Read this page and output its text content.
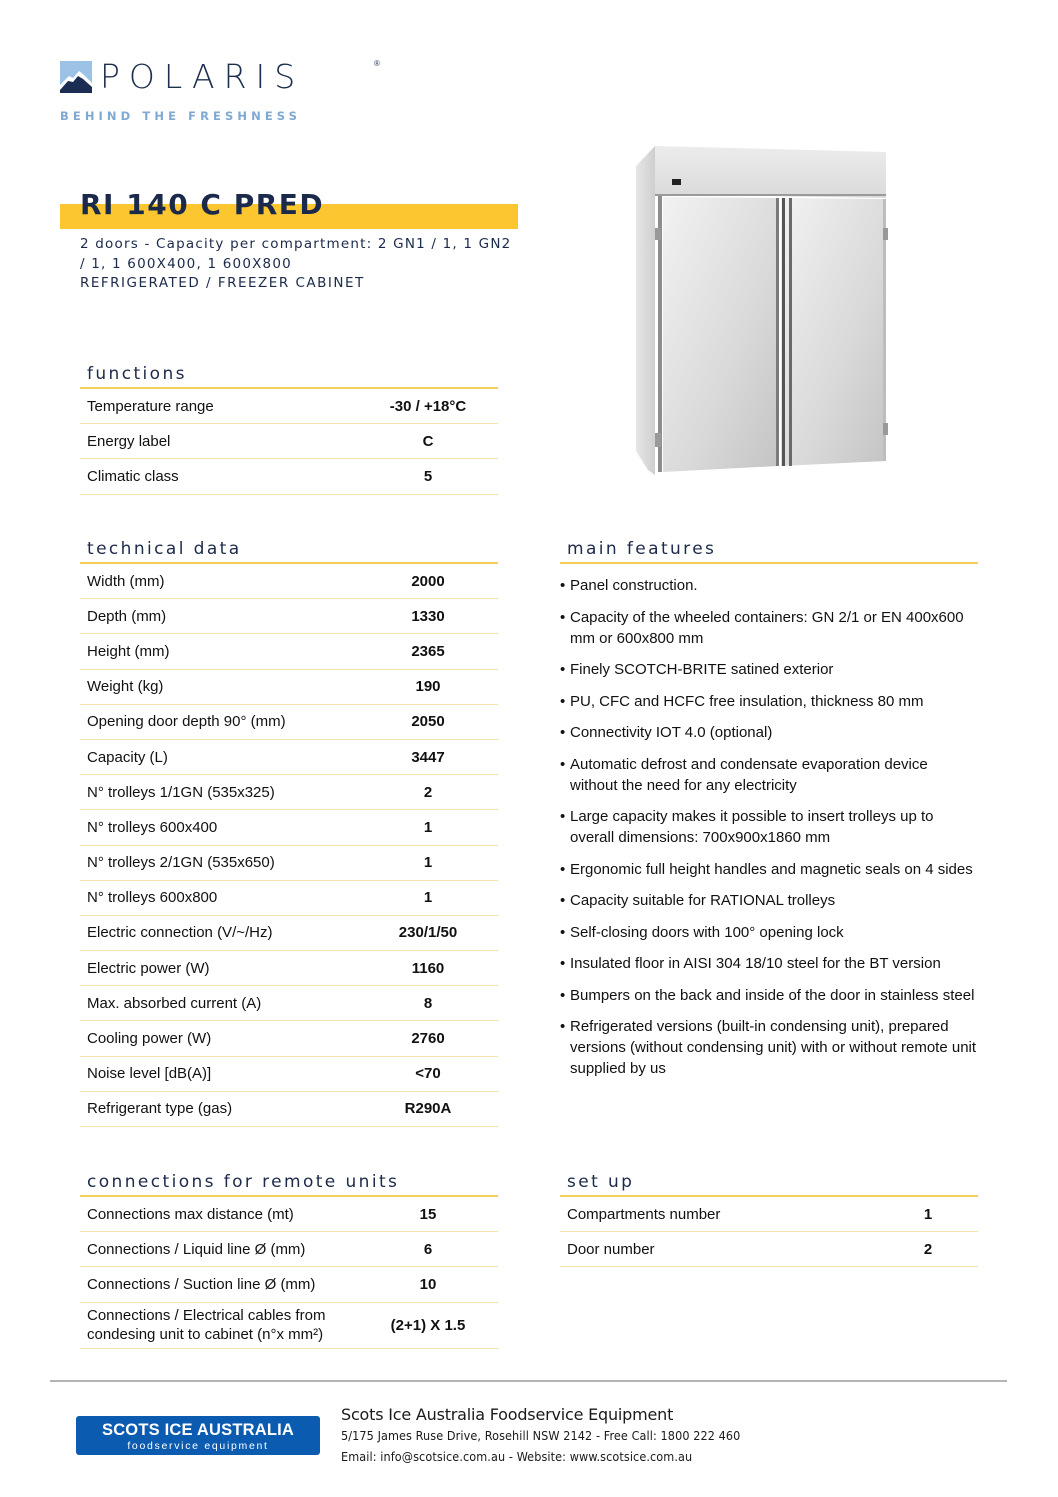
POLARIS	®
BEHIND THE FRESHNESS
RI 140 C PRED
2 doors - Capacity per compartment: 2 GN1 / 1, 1 GN2
/ 1, 1 600X400, 1 600X800
REFRIGERATED / FREEZER CABINET
functions
Temperature range	-30 / +18°C
Energy label	C
Climatic class	5
technical data
Width (mm)	2000
Depth (mm)	1330
Height (mm)	2365
Weight (kg)	190
Opening door depth 90° (mm)	2050
Capacity (L)	3447
N° trolleys 1/1GN (535x325)	2
N° trolleys 600x400	1
N° trolleys 2/1GN (535x650)	1
N° trolleys 600x800	1
Electric connection (V/~/Hz)	230/1/50
Electric power (W)	1160
Max. absorbed current (A)	8
Cooling power (W)	2760
Noise level [dB(A)]	<70
Refrigerant type (gas)	R290A
main features
• Panel construction.
• Capacity of the wheeled containers: GN 2/1 or EN 400x600 mm or 600x800 mm
• Finely SCOTCH-BRITE satined exterior
• PU, CFC and HCFC free insulation, thickness 80 mm
• Connectivity IOT 4.0 (optional)
• Automatic defrost and condensate evaporation device without the need for any electricity
• Large capacity makes it possible to insert trolleys up to overall dimensions: 700x900x1860 mm
• Ergonomic full height handles and magnetic seals on 4 sides
• Capacity suitable for RATIONAL trolleys
• Self-closing doors with 100° opening lock
• Insulated floor in AISI 304 18/10 steel for the BT version
• Bumpers on the back and inside of the door in stainless steel
• Refrigerated versions (built-in condensing unit), prepared versions (without condensing unit) with or without remote unit supplied by us
connections for remote units
Connections max distance (mt)	15
Connections / Liquid line Ø (mm)	6
Connections / Suction line Ø (mm)	10
Connections / Electrical cables from
condesing unit to cabinet (n°x mm²)
(2+1) X 1.5
set up
Compartments number	1
Door number	2
SCOTS ICE AUSTRALIA
foodservice equipment
Scots Ice Australia Foodservice Equipment
5/175 James Ruse Drive, Rosehill NSW 2142 - Free Call: 1800 222 460
Email: info@scotsice.com.au - Website: www.scotsice.com.au
